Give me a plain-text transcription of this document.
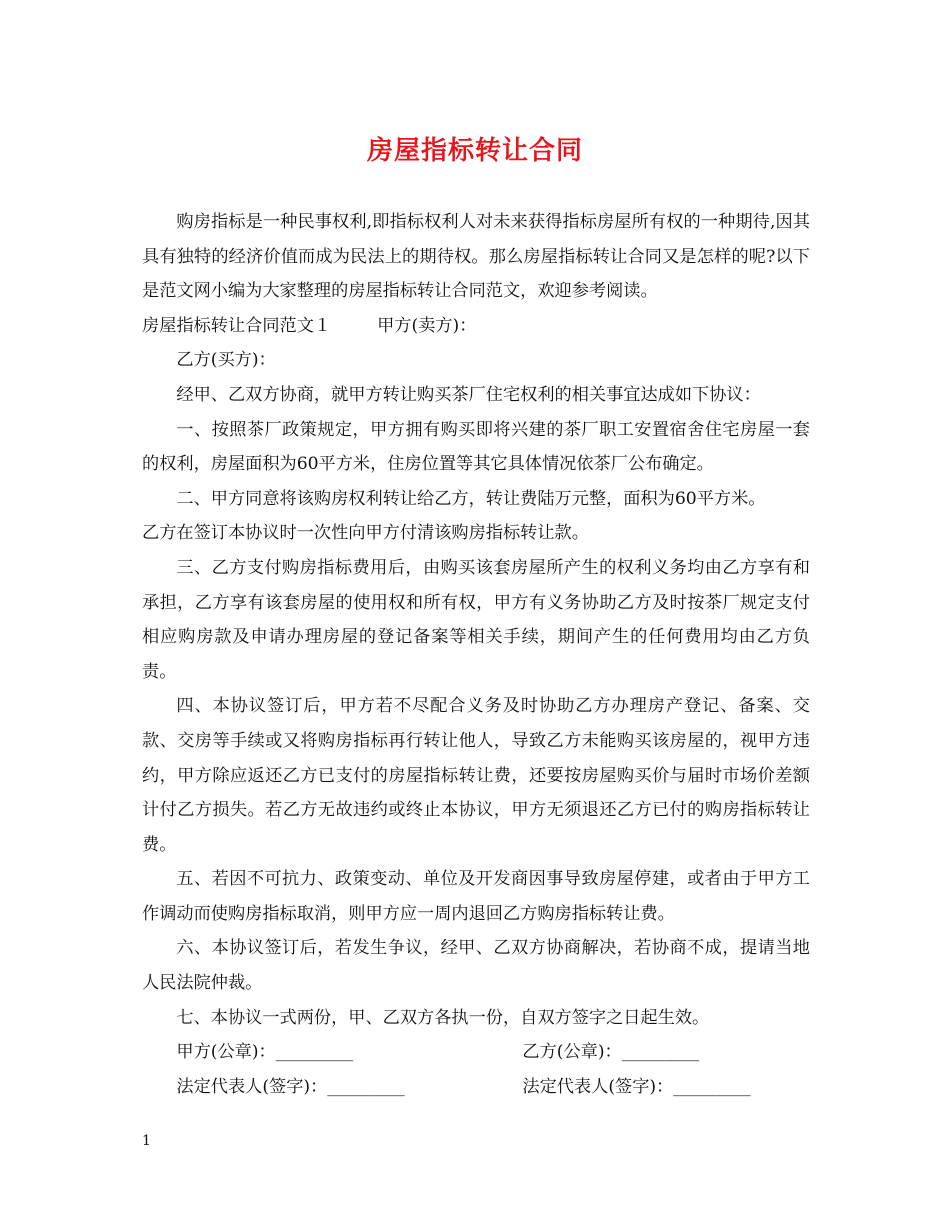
房屋指标转让合同

购房指标是一种民事权利,即指标权利人对未来获得指标房屋所有权的一种期待,因其具有独特的经济价值而成为民法上的期待权。那么房屋指标转让合同又是怎样的呢?以下是范文网小编为大家整理的房屋指标转让合同范文，欢迎参考阅读。

房屋指标转让合同范文１	甲方(卖方)：

乙方(买方)：

经甲、乙双方协商，就甲方转让购买茶厂住宅权利的相关事宜达成如下协议：

一、按照茶厂政策规定，甲方拥有购买即将兴建的茶厂职工安置宿舍住宅房屋一套的权利，房屋面积为60平方米，住房位置等其它具体情况依茶厂公布确定。

二、甲方同意将该购房权利转让给乙方，转让费陆万元整，面积为60平方米。

乙方在签订本协议时一次性向甲方付清该购房指标转让款。

三、乙方支付购房指标费用后，由购买该套房屋所产生的权利义务均由乙方享有和承担，乙方享有该套房屋的使用权和所有权，甲方有义务协助乙方及时按茶厂规定支付相应购房款及申请办理房屋的登记备案等相关手续，期间产生的任何费用均由乙方负责。

四、本协议签订后，甲方若不尽配合义务及时协助乙方办理房产登记、备案、交款、交房等手续或又将购房指标再行转让他人，导致乙方未能购买该房屋的，视甲方违约，甲方除应返还乙方已支付的房屋指标转让费，还要按房屋购买价与届时市场价差额计付乙方损失。若乙方无故违约或终止本协议，甲方无须退还乙方已付的购房指标转让费。

五、若因不可抗力、政策变动、单位及开发商因事导致房屋停建，或者由于甲方工作调动而使购房指标取消，则甲方应一周内退回乙方购房指标转让费。

六、本协议签订后，若发生争议，经甲、乙双方协商解决，若协商不成，提请当地人民法院仲裁。

七、本协议一式两份，甲、乙双方各执一份，自双方签字之日起生效。

甲方(公章)：_________	乙方(公章)：_________
法定代表人(签字)：_________	法定代表人(签字)：_________
1
